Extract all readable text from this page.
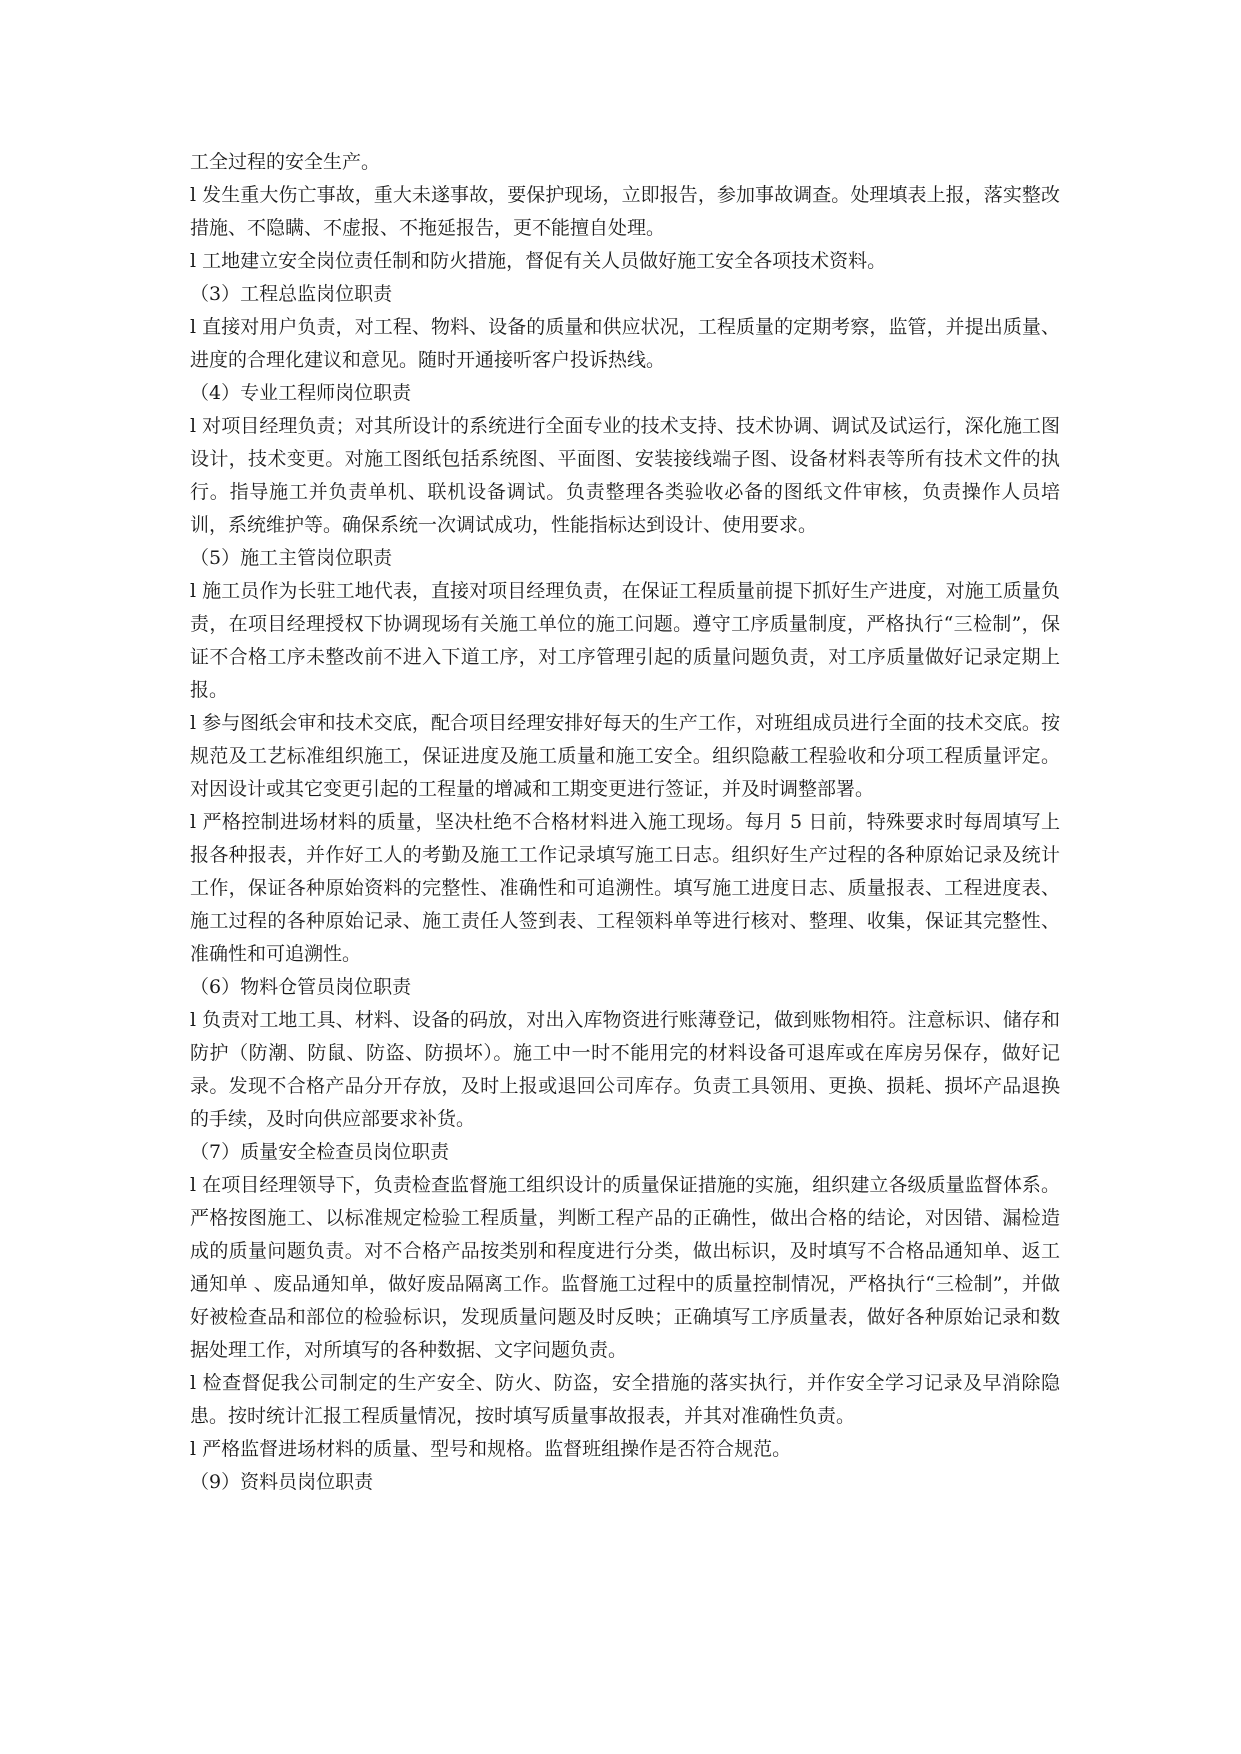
工全过程的安全生产。

l 发生重大伤亡事故，重大未遂事故，要保护现场，立即报告，参加事故调查。处理填表上报，落实整改措施、不隐瞒、不虚报、不拖延报告，更不能擅自处理。

l 工地建立安全岗位责任制和防火措施，督促有关人员做好施工安全各项技术资料。

（3）工程总监岗位职责

l 直接对用户负责，对工程、物料、设备的质量和供应状况，工程质量的定期考察，监管，并提出质量、进度的合理化建议和意见。随时开通接听客户投诉热线。

（4）专业工程师岗位职责

l 对项目经理负责；对其所设计的系统进行全面专业的技术支持、技术协调、调试及试运行，深化施工图设计，技术变更。对施工图纸包括系统图、平面图、安装接线端子图、设备材料表等所有技术文件的执行。指导施工并负责单机、联机设备调试。负责整理各类验收必备的图纸文件审核，负责操作人员培训，系统维护等。确保系统一次调试成功，性能指标达到设计、使用要求。

（5）施工主管岗位职责

l 施工员作为长驻工地代表，直接对项目经理负责，在保证工程质量前提下抓好生产进度，对施工质量负责，在项目经理授权下协调现场有关施工单位的施工问题。遵守工序质量制度，严格执行“三检制”，保证不合格工序未整改前不进入下道工序，对工序管理引起的质量问题负责，对工序质量做好记录定期上报。

l 参与图纸会审和技术交底，配合项目经理安排好每天的生产工作，对班组成员进行全面的技术交底。按规范及工艺标准组织施工，保证进度及施工质量和施工安全。组织隐蔽工程验收和分项工程质量评定。对因设计或其它变更引起的工程量的增减和工期变更进行签证，并及时调整部署。

l 严格控制进场材料的质量，坚决杜绝不合格材料进入施工现场。每月 5 日前，特殊要求时每周填写上报各种报表，并作好工人的考勤及施工工作记录填写施工日志。组织好生产过程的各种原始记录及统计工作，保证各种原始资料的完整性、准确性和可追溯性。填写施工进度日志、质量报表、工程进度表、施工过程的各种原始记录、施工责任人签到表、工程领料单等进行核对、整理、收集，保证其完整性、准确性和可追溯性。

（6）物料仓管员岗位职责

l 负责对工地工具、材料、设备的码放，对出入库物资进行账薄登记，做到账物相符。注意标识、储存和防护（防潮、防鼠、防盗、防损坏）。施工中一时不能用完的材料设备可退库或在库房另保存，做好记录。发现不合格产品分开存放，及时上报或退回公司库存。负责工具领用、更换、损耗、损坏产品退换的手续，及时向供应部要求补货。

（7）质量安全检查员岗位职责

l 在项目经理领导下，负责检查监督施工组织设计的质量保证措施的实施，组织建立各级质量监督体系。严格按图施工、以标准规定检验工程质量，判断工程产品的正确性，做出合格的结论，对因错、漏检造成的质量问题负责。对不合格产品按类别和程度进行分类，做出标识，及时填写不合格品通知单、返工通知单 、废品通知单，做好废品隔离工作。监督施工过程中的质量控制情况，严格执行“三检制”，并做好被检查品和部位的检验标识，发现质量问题及时反映；正确填写工序质量表，做好各种原始记录和数据处理工作，对所填写的各种数据、文字问题负责。

l 检查督促我公司制定的生产安全、防火、防盗，安全措施的落实执行，并作安全学习记录及早消除隐患。按时统计汇报工程质量情况，按时填写质量事故报表，并其对准确性负责。

l 严格监督进场材料的质量、型号和规格。监督班组操作是否符合规范。

（9）资料员岗位职责
